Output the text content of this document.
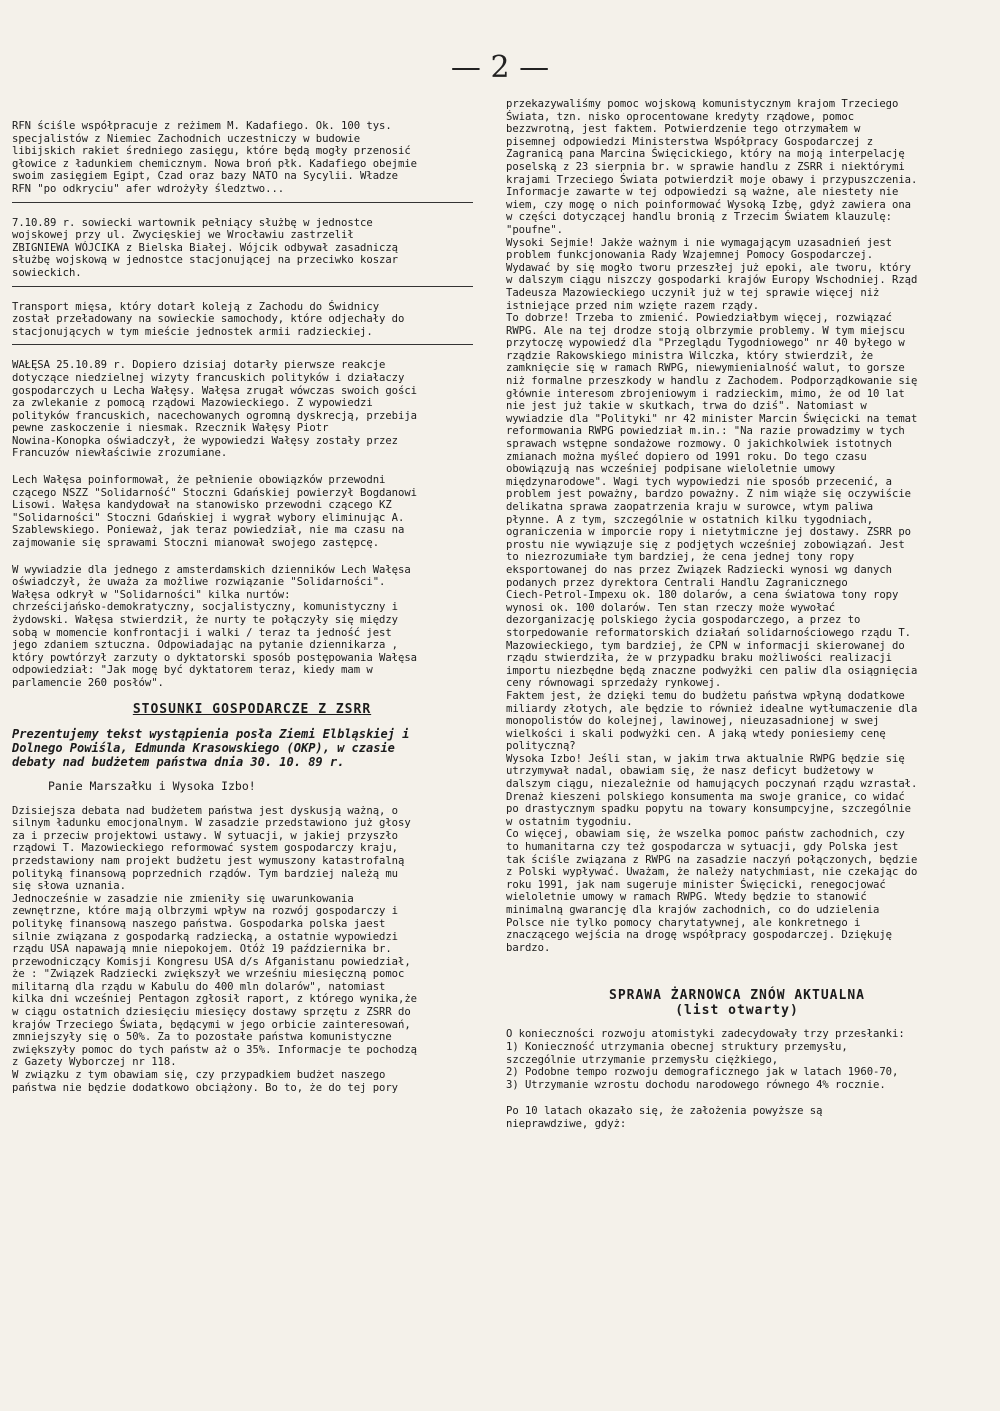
— 2 —

RFN ściśle współpracuje z reżimem M. Kadafiego. Ok. 100 tys.
specjalistów z Niemiec Zachodnich uczestniczy w budowie
libijskich rakiet średniego zasięgu, które będą mogły przenosić
głowice z ładunkiem chemicznym. Nowa broń płk. Kadafiego obejmie
swoim zasięgiem Egipt, Czad oraz bazy NATO na Sycylii. Władze
RFN "po odkryciu" afer wdrożyły śledztwo...

7.10.89 r. sowiecki wartownik pełniący służbę w jednostce
wojskowej przy ul. Zwycięskiej we Wrocławiu zastrzelił
ZBIGNIEWA WÓJCIKA z Bielska Białej. Wójcik odbywał zasadniczą
służbę wojskową w jednostce stacjonującej na przeciwko koszar
sowieckich.

Transport mięsa, który dotarł koleją z Zachodu do Świdnicy
został przeładowany na sowieckie samochody, które odjechały do
stacjonujących w tym mieście jednostek armii radzieckiej.

WAŁĘSA 25.10.89 r. Dopiero dzisiaj dotarły pierwsze reakcje
dotyczące niedzielnej wizyty francuskich polityków i działaczy
gospodarczych u Lecha Wałęsy. Wałęsa zrugał wówczas swoich gości
za zwlekanie z pomocą rządowi Mazowieckiego. Z wypowiedzi
polityków francuskich, nacechowanych ogromną dyskrecją, przebija
pewne zaskoczenie i niesmak. Rzecznik Wałęsy Piotr
Nowina-Konopka oświadczył, że wypowiedzi Wałęsy zostały przez
Francuzów niewłaściwie zrozumiane.

Lech Wałęsa poinformował, że pełnienie obowiązków przewodni
czącego NSZZ "Solidarność" Stoczni Gdańskiej powierzył Bogdanowi
Lisowi. Wałęsa kandydował na stanowisko przewodni czącego KZ
"Solidarności" Stoczni Gdańskiej i wygrał wybory eliminując A.
Szablewskiego. Ponieważ, jak teraz powiedział, nie ma czasu na
zajmowanie się sprawami Stoczni mianował swojego zastępcę.

W wywiadzie dla jednego z amsterdamskich dzienników Lech Wałęsa
oświadczył, że uważa za możliwe rozwiązanie "Solidarności".
Wałęsa odkrył w "Solidarności" kilka nurtów:
chrześcijańsko-demokratyczny, socjalistyczny, komunistyczny i
żydowski. Wałęsa stwierdził, że nurty te połączyły się między
sobą w momencie konfrontacji i walki / teraz ta jedność jest
jego zdaniem sztuczna. Odpowiadając na pytanie dziennikarza ,
który powtórzył zarzuty o dyktatorski sposób postępowania Wałęsa
odpowiedział: "Jak mogę być dyktatorem teraz, kiedy mam w
parlamencie 260 posłów".

STOSUNKI GOSPODARCZE Z ZSRR
Prezentujemy tekst wystąpienia posła Ziemi Elbląskiej i
Dolnego Powiśla, Edmunda Krasowskiego (OKP), w czasie
debaty nad budżetem państwa dnia 30. 10. 89 r.
Panie Marszałku i Wysoka Izbo!

Dzisiejsza debata nad budżetem państwa jest dyskusją ważną, o
silnym ładunku emocjonalnym. W zasadzie przedstawiono już głosy
za i przeciw projektowi ustawy. W sytuacji, w jakiej przyszło
rządowi T. Mazowieckiego reformować system gospodarczy kraju,
przedstawiony nam projekt budżetu jest wymuszony katastrofalną
polityką finansową poprzednich rządów. Tym bardziej należą mu
się słowa uznania.

Jednocześnie w zasadzie nie zmieniły się uwarunkowania
zewnętrzne, które mają olbrzymi wpływ na rozwój gospodarczy i
politykę finansową naszego państwa. Gospodarka polska jaest
silnie związana z gospodarką radziecką, a ostatnie wypowiedzi
rządu USA napawają mnie niepokojem. Otóż 19 października br.
przewodniczący Komisji Kongresu USA d/s Afganistanu powiedział,
że : "Związek Radziecki zwiększył we wrześniu miesięczną pomoc
militarną dla rządu w Kabulu do 400 mln dolarów", natomiast
kilka dni wcześniej Pentagon zgłosił raport, z którego wynika,że
w ciągu ostatnich dziesięciu miesięcy dostawy sprzętu z ZSRR do
krajów Trzeciego Świata, będącymi w jego orbicie zainteresowań,
zmniejszyły się o 50%. Za to pozostałe państwa komunistyczne
zwiększyły pomoc do tych państw aż o 35%. Informacje te pochodzą
z Gazety Wyborczej nr 118.

W związku z tym obawiam się, czy przypadkiem budżet naszego
państwa nie będzie dodatkowo obciążony. Bo to, że do tej pory

przekazywaliśmy pomoc wojskową komunistycznym krajom Trzeciego
Świata, tzn. nisko oprocentowane kredyty rządowe, pomoc
bezzwrotną, jest faktem. Potwierdzenie tego otrzymałem w
pisemnej odpowiedzi Ministerstwa Współpracy Gospodarczej z
Zagranicą pana Marcina Święcickiego, który na moją interpelację
poselską z 23 sierpnia br. w sprawie handlu z ZSRR i niektórymi
krajami Trzeciego Świata potwierdził moje obawy i przypuszczenia.
Informacje zawarte w tej odpowiedzi są ważne, ale niestety nie
wiem, czy mogę o nich poinformować Wysoką Izbę, gdyż zawiera ona
w części dotyczącej handlu bronią z Trzecim Światem klauzulę:
"poufne".

Wysoki Sejmie! Jakże ważnym i nie wymagającym uzasadnień jest
problem funkcjonowania Rady Wzajemnej Pomocy Gospodarczej.
Wydawać by się mogło tworu przeszłej już epoki, ale tworu, który
w dalszym ciągu niszczy gospodarki krajów Europy Wschodniej. Rząd
Tadeusza Mazowieckiego uczynił już w tej sprawie więcej niż
istniejące przed nim wzięte razem rządy.

To dobrze! Trzeba to zmienić. Powiedziałbym więcej, rozwiązać
RWPG. Ale na tej drodze stoją olbrzymie problemy. W tym miejscu
przytoczę wypowiedź dla "Przeglądu Tygodniowego" nr 40 byłego w
rządzie Rakowskiego ministra Wilczka, który stwierdził, że
zamknięcie się w ramach RWPG, niewymienialność walut, to gorsze
niż formalne przeszkody w handlu z Zachodem. Podporządkowanie się
głównie interesom zbrojeniowym i radzieckim, mimo, że od 10 lat
nie jest już takie w skutkach, trwa do dziś". Natomiast w
wywiadzie dla "Polityki" nr 42 minister Marcin Święcicki na temat
reformowania RWPG powiedział m.in.: "Na razie prowadzimy w tych
sprawach wstępne sondażowe rozmowy. O jakichkolwiek istotnych
zmianach można myśleć dopiero od 1991 roku. Do tego czasu
obowiązują nas wcześniej podpisane wieloletnie umowy
międzynarodowe". Wagi tych wypowiedzi nie sposób przecenić, a
problem jest poważny, bardzo poważny. Z nim wiąże się oczywiście
delikatna sprawa zaopatrzenia kraju w surowce, wtym paliwa
płynne. A z tym, szczególnie w ostatnich kilku tygodniach,
ograniczenia w imporcie ropy i nietytmiczne jej dostawy. ZSRR po
prostu nie wywiązuje się z podjętych wcześniej zobowiązań. Jest
to niezrozumiałe tym bardziej, że cena jednej tony ropy
eksportowanej do nas przez Związek Radziecki wynosi wg danych
podanych przez dyrektora Centrali Handlu Zagranicznego
Ciech-Petrol-Impexu ok. 180 dolarów, a cena światowa tony ropy
wynosi ok. 100 dolarów. Ten stan rzeczy może wywołać
dezorganizację polskiego życia gospodarczego, a przez to
storpedowanie reformatorskich działań solidarnościowego rządu T.
Mazowieckiego, tym bardziej, że CPN w informacji skierowanej do
rządu stwierdziła, że w przypadku braku możliwości realizacji
importu niezbędne będą znaczne podwyżki cen paliw dla osiągnięcia
ceny równowagi sprzedaży rynkowej.

Faktem jest, że dzięki temu do budżetu państwa wpłyną dodatkowe
miliardy złotych, ale będzie to również idealne wytłumaczenie dla
monopolistów do kolejnej, lawinowej, nieuzasadnionej w swej
wielkości i skali podwyżki cen. A jaką wtedy poniesiemy cenę
polityczną?

Wysoka Izbo! Jeśli stan, w jakim trwa aktualnie RWPG będzie się
utrzymywał nadal, obawiam się, że nasz deficyt budżetowy w
dalszym ciągu, niezależnie od hamujących poczynań rządu wzrastał.
Drenaż kieszeni polskiego konsumenta ma swoje granice, co widać
po drastycznym spadku popytu na towary konsumpcyjne, szczególnie
w ostatnim tygodniu.

Co więcej, obawiam się, że wszelka pomoc państw zachodnich, czy
to humanitarna czy też gospodarcza w sytuacji, gdy Polska jest
tak ściśle związana z RWPG na zasadzie naczyń połączonych, będzie
z Polski wypływać. Uważam, że należy natychmiast, nie czekając do
roku 1991, jak nam sugeruje minister Święcicki, renegocjować
wieloletnie umowy w ramach RWPG. Wtedy będzie to stanowić
minimalną gwarancję dla krajów zachodnich, co do udzielenia
Polsce nie tylko pomocy charytatywnej, ale konkretnego i
znaczącego wejścia na drogę współpracy gospodarczej. Dziękuję
bardzo.

SPRAWA ŻARNOWCA ZNÓW AKTUALNA
(list otwarty)

O konieczności rozwoju atomistyki zadecydowały trzy przesłanki:
1) Konieczność utrzymania obecnej struktury przemysłu,
szczególnie utrzymanie przemysłu ciężkiego,
2) Podobne tempo rozwoju demograficznego jak w latach 1960-70,
3) Utrzymanie wzrostu dochodu narodowego równego 4% rocznie.

Po 10 latach okazało się, że założenia powyższe są
nieprawdziwe, gdyż:
